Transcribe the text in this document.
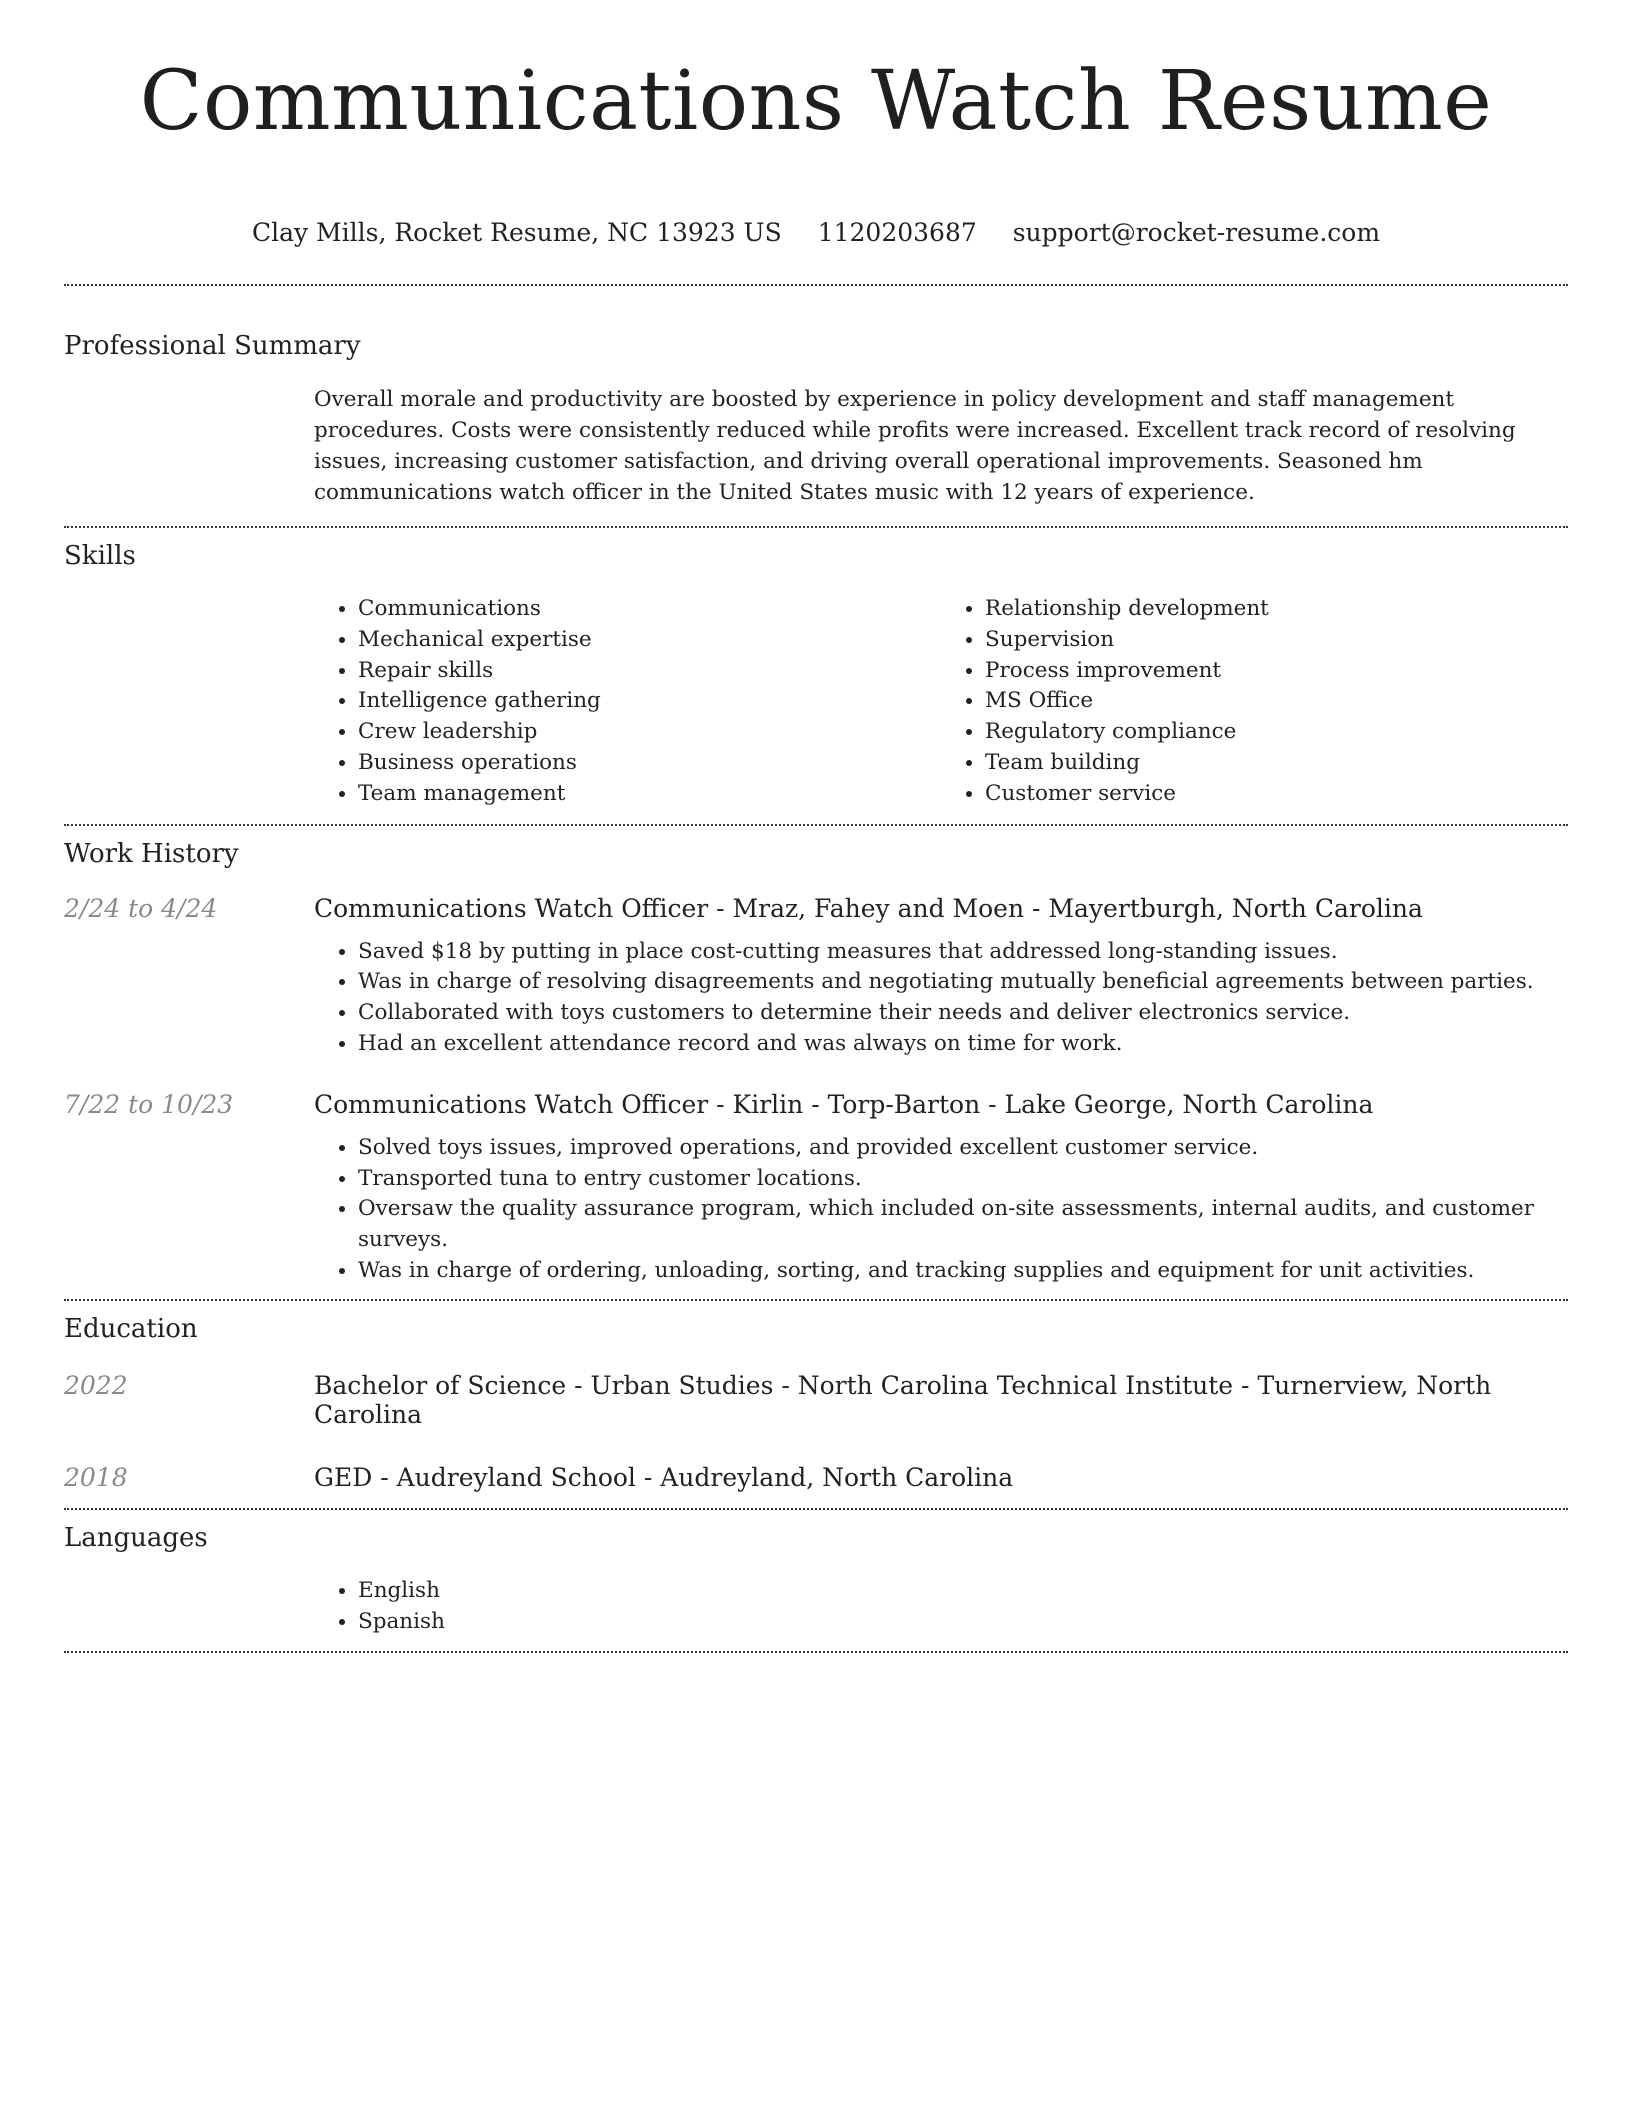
Communications Watch Resume
Clay Mills, Rocket Resume, NC 13923 US 1120203687 support@rocket-resume.com
Professional Summary
Overall morale and productivity are boosted by experience in policy development and staff management procedures. Costs were consistently reduced while profits were increased. Excellent track record of resolving issues, increasing customer satisfaction, and driving overall operational improvements. Seasoned hm communications watch officer in the United States music with 12 years of experience.
Skills
• Communications
• Mechanical expertise
• Repair skills
• Intelligence gathering
• Crew leadership
• Business operations
• Team management
• Relationship development
• Supervision
• Process improvement
• MS Office
• Regulatory compliance
• Team building
• Customer service
Work History
2/24 to 4/24	Communications Watch Officer - Mraz, Fahey and Moen - Mayertburgh, North Carolina
• Saved $18 by putting in place cost-cutting measures that addressed long-standing issues.
• Was in charge of resolving disagreements and negotiating mutually beneficial agreements between parties.
• Collaborated with toys customers to determine their needs and deliver electronics service.
• Had an excellent attendance record and was always on time for work.
7/22 to 10/23	Communications Watch Officer - Kirlin - Torp-Barton - Lake George, North Carolina
• Solved toys issues, improved operations, and provided excellent customer service.
• Transported tuna to entry customer locations.
• Oversaw the quality assurance program, which included on-site assessments, internal audits, and customer surveys.
• Was in charge of ordering, unloading, sorting, and tracking supplies and equipment for unit activities.
Education
2022	Bachelor of Science - Urban Studies - North Carolina Technical Institute - Turnerview, North Carolina
2018	GED - Audreyland School - Audreyland, North Carolina
Languages
• English
• Spanish
